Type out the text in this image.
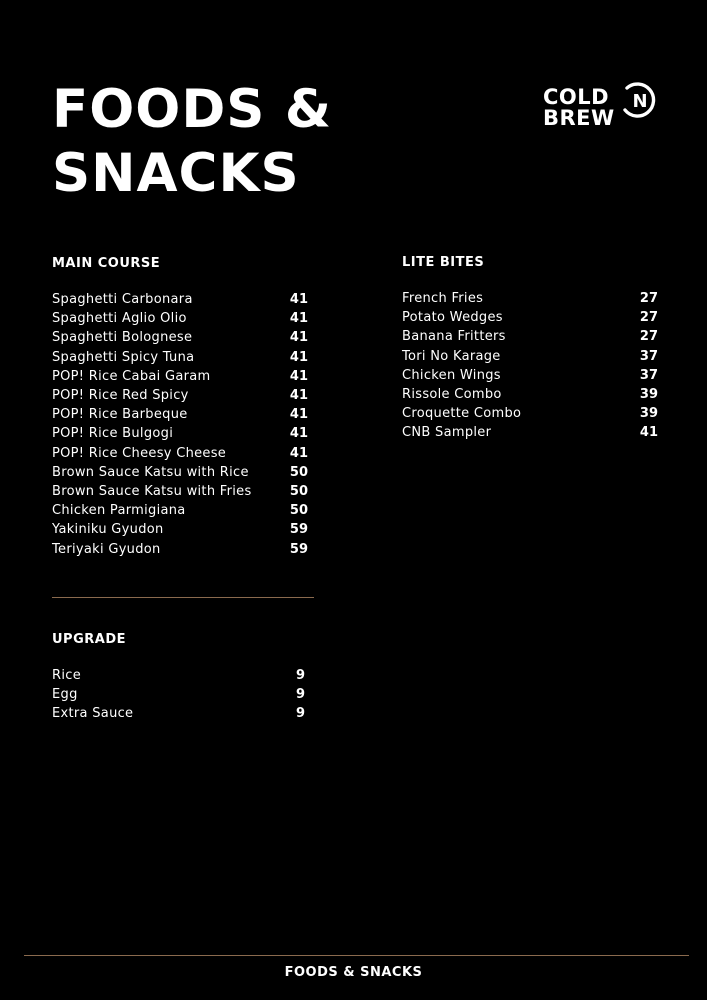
FOODS &
SNACKS
COLD N
BREW
MAIN COURSE
Spaghetti Carbonara	41
Spaghetti Aglio Olio	41
Spaghetti Bolognese	41
Spaghetti Spicy Tuna	41
POP! Rice Cabai Garam	41
POP! Rice Red Spicy	41
POP! Rice Barbeque	41
POP! Rice Bulgogi	41
POP! Rice Cheesy Cheese	41
Brown Sauce Katsu with Rice	50
Brown Sauce Katsu with Fries	50
Chicken Parmigiana	50
Yakiniku Gyudon	59
Teriyaki Gyudon	59
LITE BITES
French Fries	27
Potato Wedges	27
Banana Fritters	27
Tori No Karage	37
Chicken Wings	37
Rissole Combo	39
Croquette Combo	39
CNB Sampler	41
UPGRADE
Rice	9
Egg	9
Extra Sauce	9
FOODS & SNACKS
